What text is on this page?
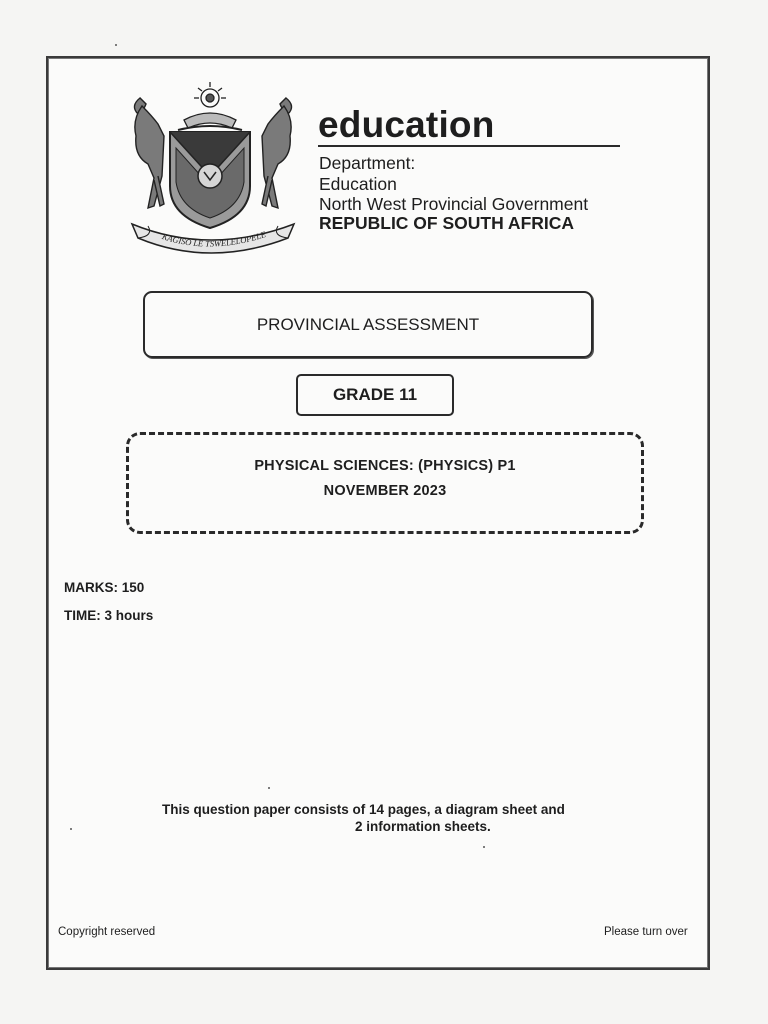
KAGISO LE TSWELELOPELE
education
Department:
Education
North West Provincial Government
REPUBLIC OF SOUTH AFRICA
PROVINCIAL ASSESSMENT
GRADE 11
PHYSICAL SCIENCES: (PHYSICS) P1
NOVEMBER 2023
MARKS: 150
TIME: 3 hours
This question paper consists of 14 pages, a diagram sheet and
2 information sheets.
Copyright reserved	Please turn over
